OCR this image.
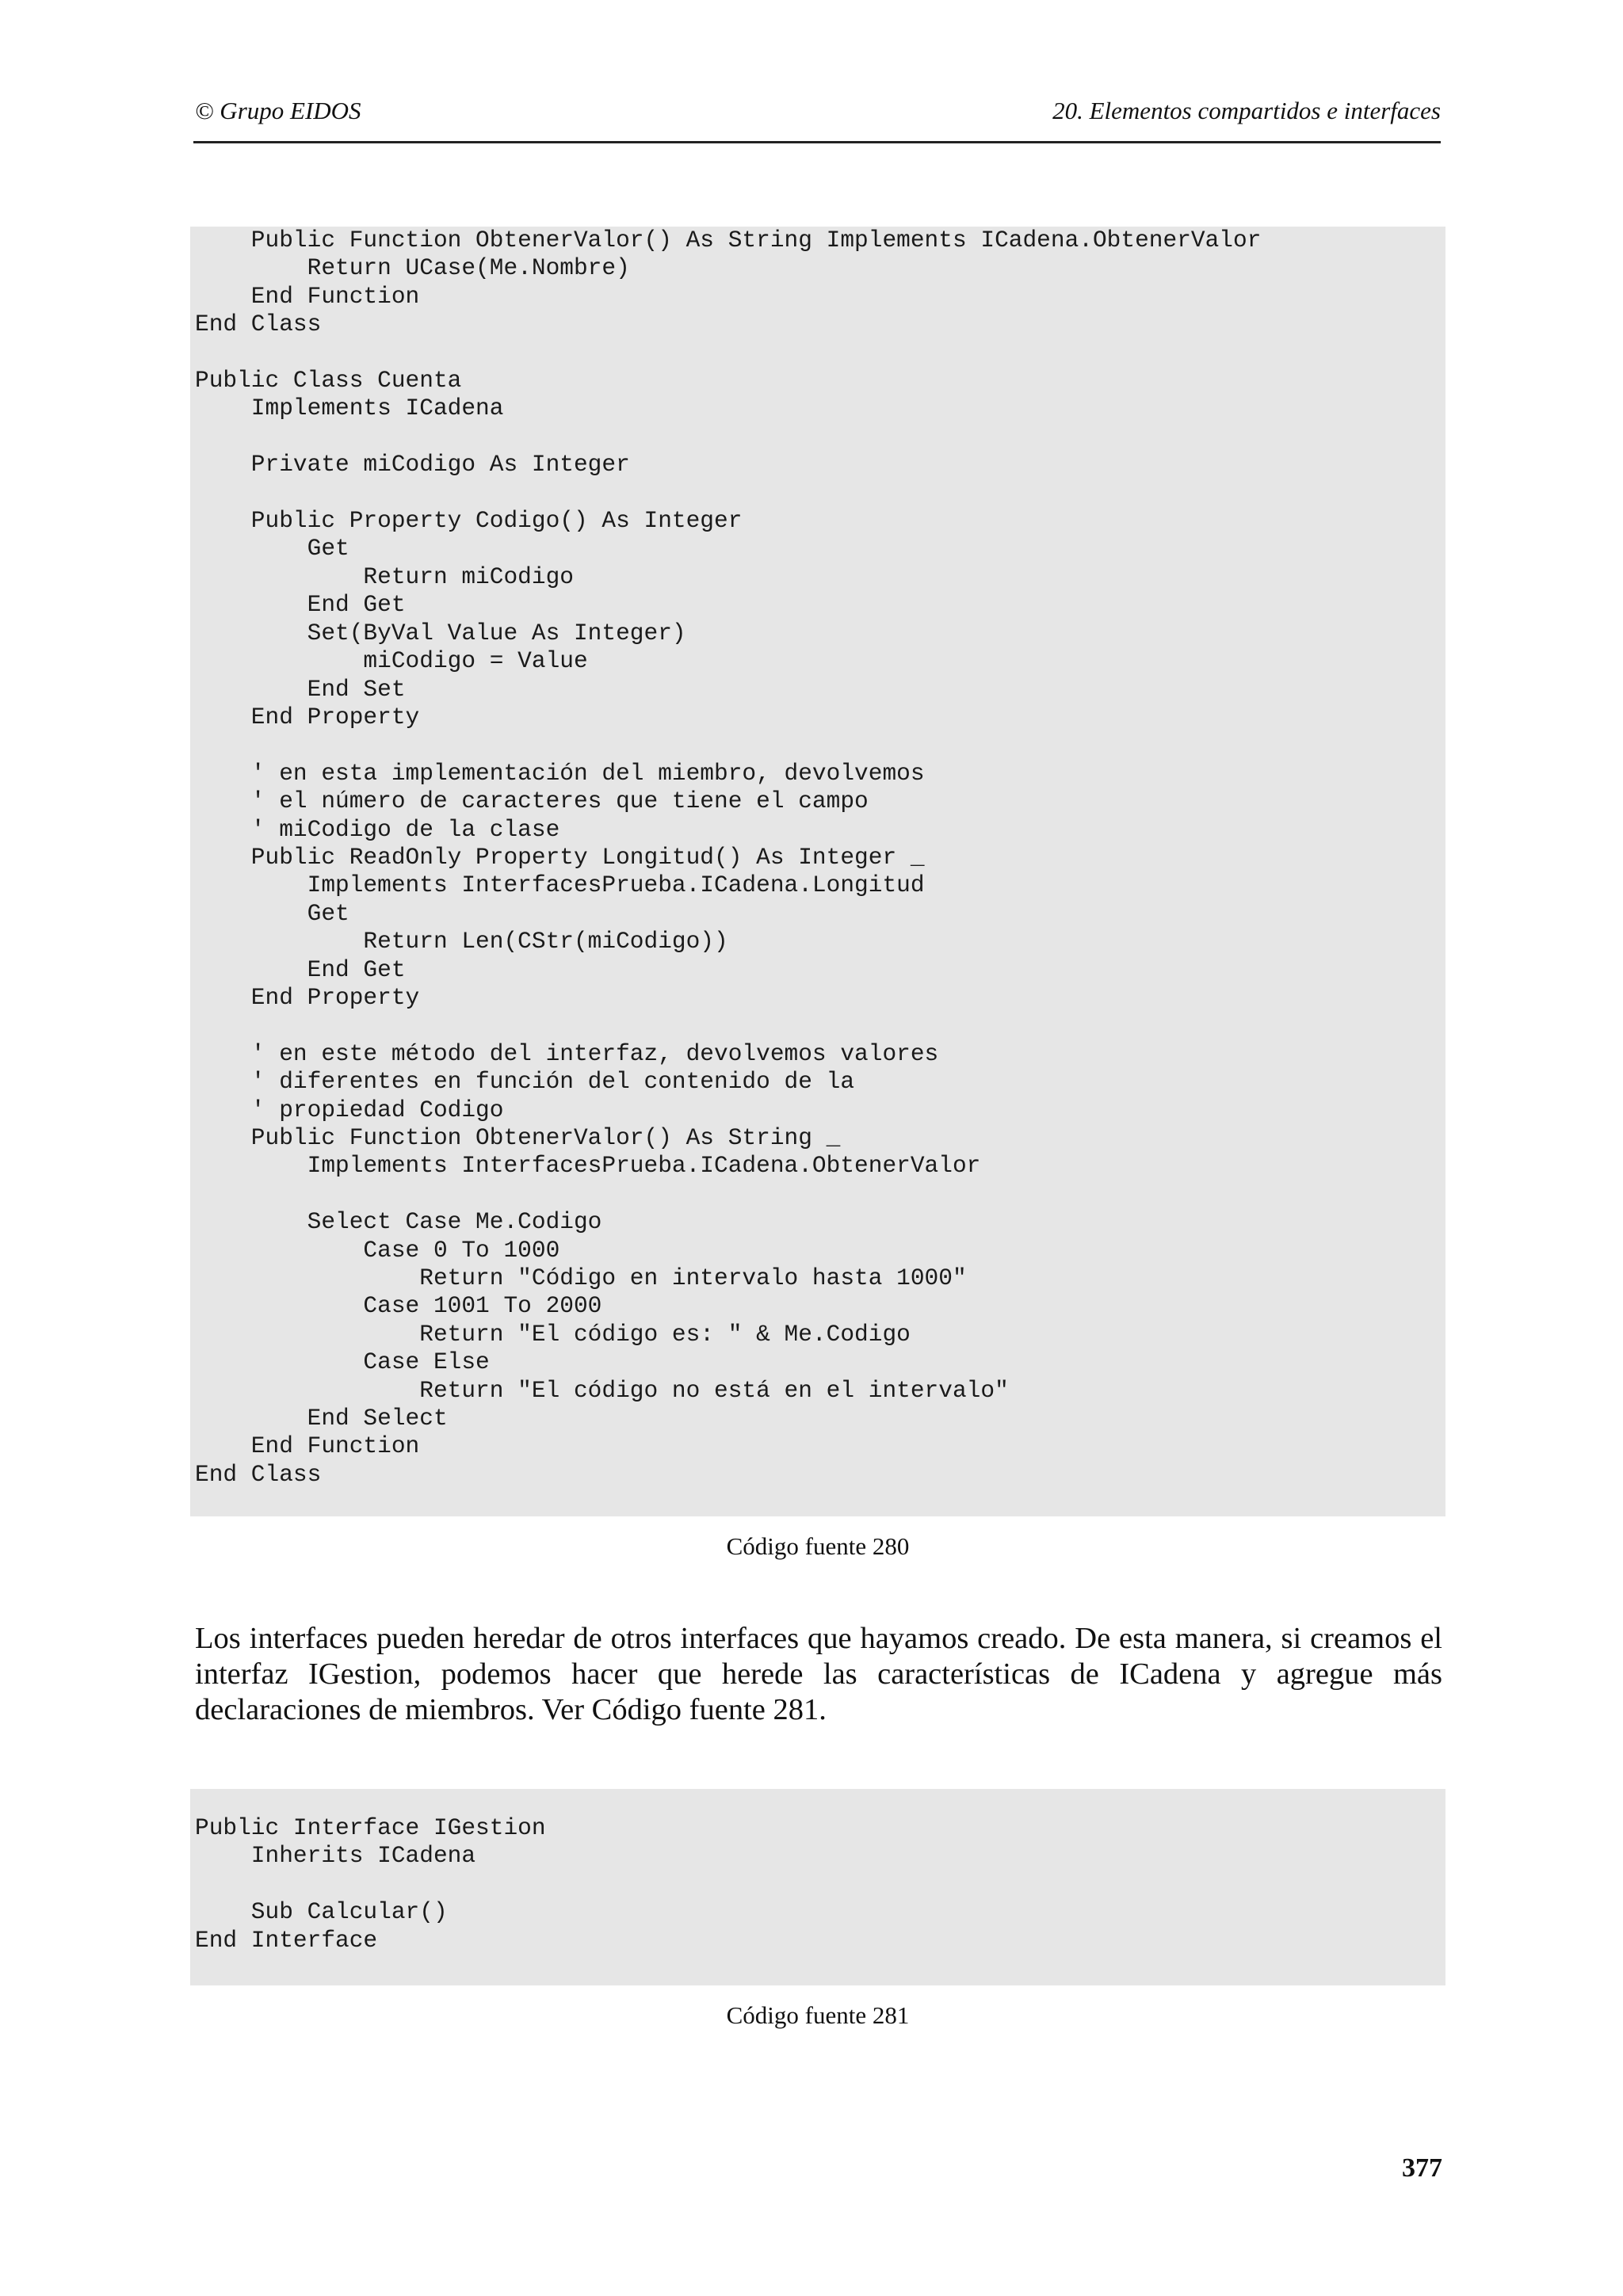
© Grupo EIDOS	20. Elementos compartidos e interfaces
Public Function ObtenerValor() As String Implements ICadena.ObtenerValor
Return UCase(Me.Nombre)
End Function
End Class

Public Class Cuenta
Implements ICadena

Private miCodigo As Integer

Public Property Codigo() As Integer
Get
Return miCodigo
End Get
Set(ByVal Value As Integer)
miCodigo = Value
End Set
End Property

' en esta implementación del miembro, devolvemos
' el número de caracteres que tiene el campo
' miCodigo de la clase
Public ReadOnly Property Longitud() As Integer _
Implements InterfacesPrueba.ICadena.Longitud
Get
Return Len(CStr(miCodigo))
End Get
End Property

' en este método del interfaz, devolvemos valores
' diferentes en función del contenido de la
' propiedad Codigo
Public Function ObtenerValor() As String _
Implements InterfacesPrueba.ICadena.ObtenerValor

Select Case Me.Codigo
Case 0 To 1000
Return "Código en intervalo hasta 1000"
Case 1001 To 2000
Return "El código es: " & Me.Codigo
Case Else
Return "El código no está en el intervalo"
End Select
End Function
End Class
Código fuente 280
Los interfaces pueden heredar de otros interfaces que hayamos creado. De esta manera, si creamos el interfaz IGestion, podemos hacer que herede las características de ICadena y agregue más declaraciones de miembros. Ver Código fuente 281.
Public Interface IGestion
Inherits ICadena

Sub Calcular()
End Interface
Código fuente 281
377
